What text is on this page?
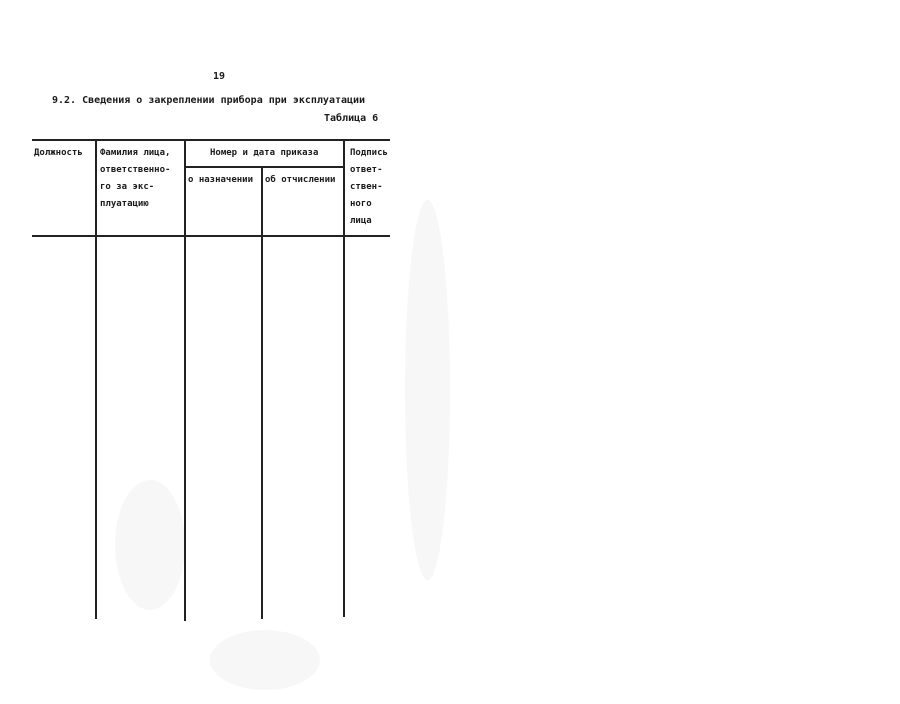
19
9.2. Сведения о закреплении прибора при эксплуатации
Таблица 6
Должность Фамилия лица,
ответственно-
го за экс-
плуатацию
Номер и дата приказа
о назначении об отчислении
Подпись
ответ-
ствен-
ного
лица
